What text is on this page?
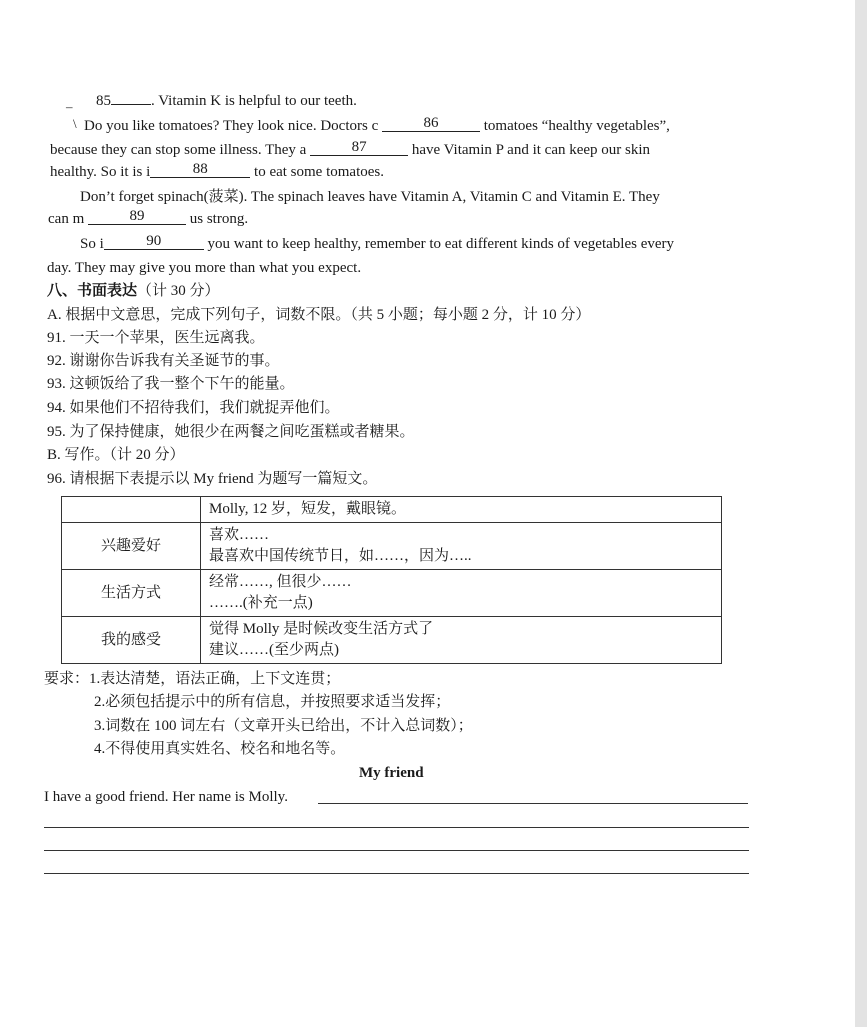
– 85	. Vitamin K is helpful to our teeth.
\ Do you like tomatoes? They look nice. Doctors c	86	tomatoes “healthy vegetables”,
because they can stop some illness. They a	87	have Vitamin P and it can keep our skin
healthy. So it is i	88	to eat some tomatoes.
Don’t forget spinach(菠菜). The spinach leaves have Vitamin A, Vitamin C and Vitamin E. They
can m	89	us strong.
So i	90	you want to keep healthy, remember to eat different kinds of vegetables every
day. They may give you more than what you expect.
八、书面表达（计 30 分）
A. 根据中文意思，完成下列句子，词数不限。（共 5 小题；每小题 2 分，计 10 分）
91. 一天一个苹果，医生远离我。
92. 谢谢你告诉我有关圣诞节的事。
93. 这顿饭给了我一整个下午的能量。
94. 如果他们不招待我们，我们就捉弄他们。
95. 为了保持健康，她很少在两餐之间吃蛋糕或者糖果。
B. 写作。（计 20 分）
96. 请根据下表提示以 My friend 为题写一篇短文。

	Molly, 12 岁，短发，戴眼镜。

兴趣爱好	喜欢……
最喜欢中国传统节日，如……，因为…..

生活方式	经常……, 但很少……
…….(补充一点)

我的感受	觉得 Molly 是时候改变生活方式了
建议……(至少两点)
要求：1.表达清楚，语法正确，上下文连贯；
2.必须包括提示中的所有信息，并按照要求适当发挥；
3.词数在 100 词左右（文章开头已给出，不计入总词数）；
4.不得使用真实姓名、校名和地名等。
My friend
I have a good friend. Her name is Molly.
